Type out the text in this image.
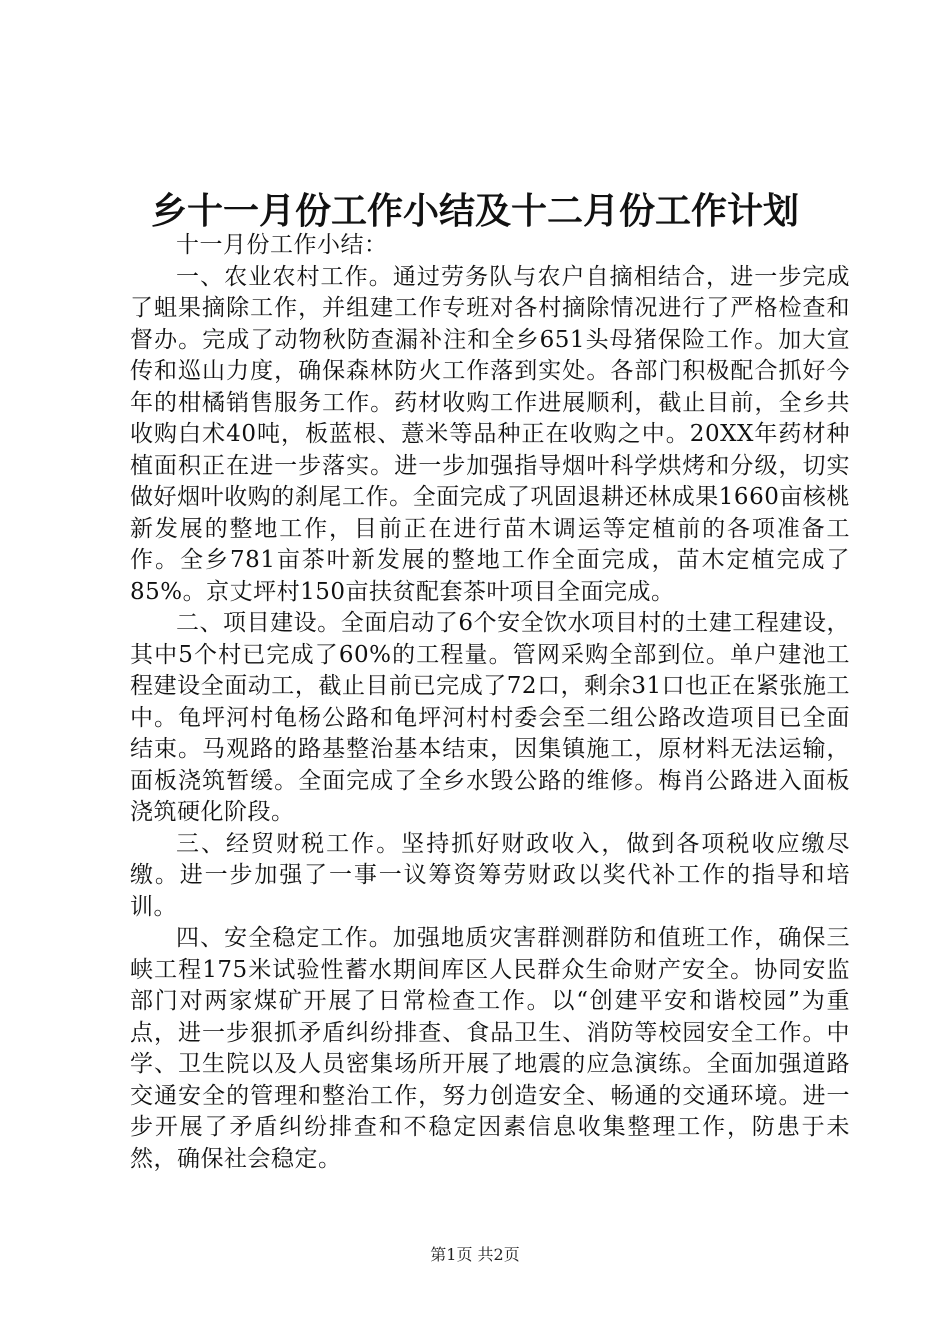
乡十一月份工作小结及十二月份工作计划

十一月份工作小结：

一、农业农村工作。通过劳务队与农户自摘相结合，进一步完成了蛆果摘除工作，并组建工作专班对各村摘除情况进行了严格检查和督办。完成了动物秋防查漏补注和全乡651头母猪保险工作。加大宣传和巡山力度，确保森林防火工作落到实处。各部门积极配合抓好今年的柑橘销售服务工作。药材收购工作进展顺利，截止目前，全乡共收购白术40吨，板蓝根、薏米等品种正在收购之中。20XX年药材种植面积正在进一步落实。进一步加强指导烟叶科学烘烤和分级，切实做好烟叶收购的刹尾工作。全面完成了巩固退耕还林成果1660亩核桃新发展的整地工作，目前正在进行苗木调运等定植前的各项准备工作。全乡781亩茶叶新发展的整地工作全面完成，苗木定植完成了85%。京丈坪村150亩扶贫配套茶叶项目全面完成。

二、项目建设。全面启动了6个安全饮水项目村的土建工程建设，其中5个村已完成了60%的工程量。管网采购全部到位。单户建池工程建设全面动工，截止目前已完成了72口，剩余31口也正在紧张施工中。龟坪河村龟杨公路和龟坪河村村委会至二组公路改造项目已全面结束。马观路的路基整治基本结束，因集镇施工，原材料无法运输，面板浇筑暂缓。全面完成了全乡水毁公路的维修。梅肖公路进入面板浇筑硬化阶段。

三、经贸财税工作。坚持抓好财政收入，做到各项税收应缴尽缴。进一步加强了一事一议筹资筹劳财政以奖代补工作的指导和培训。

四、安全稳定工作。加强地质灾害群测群防和值班工作，确保三峡工程175米试验性蓄水期间库区人民群众生命财产安全。协同安监部门对两家煤矿开展了日常检查工作。以“创建平安和谐校园”为重点，进一步狠抓矛盾纠纷排查、食品卫生、消防等校园安全工作。中学、卫生院以及人员密集场所开展了地震的应急演练。全面加强道路交通安全的管理和整治工作，努力创造安全、畅通的交通环境。进一步开展了矛盾纠纷排查和不稳定因素信息收集整理工作，防患于未然，确保社会稳定。

第1页 共2页
